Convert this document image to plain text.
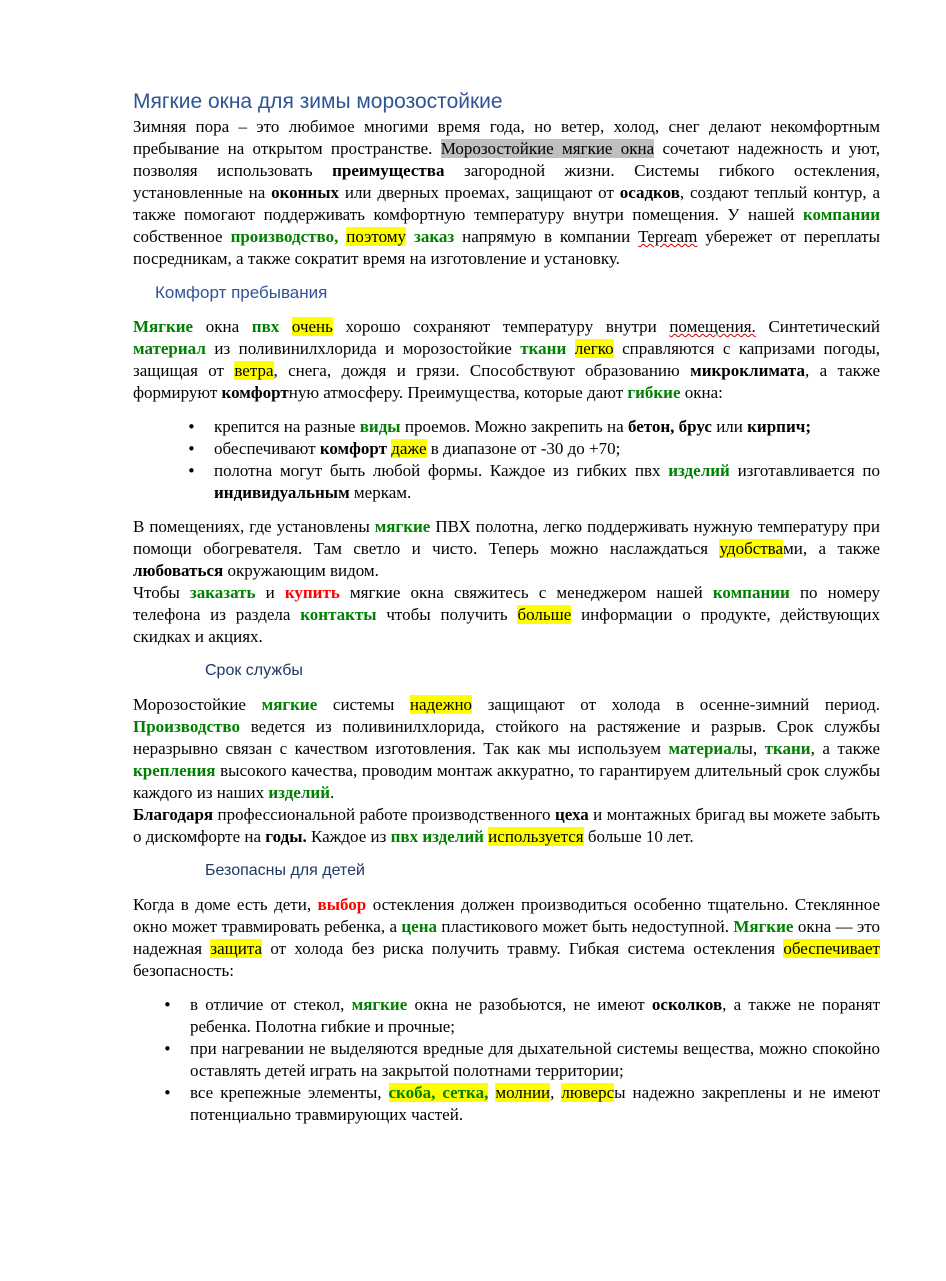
Мягкие окна для зимы морозостойкие

Зимняя пора – это любимое многими время года, но ветер, холод, снег делают некомфортным пребывание на открытом пространстве. Морозостойкие мягкие окна сочетают надежность и уют, позволяя использовать преимущества загородной жизни. Системы гибкого остекления, установленные на оконных или дверных проемах, защищают от осадков, создают теплый контур, а также помогают поддерживать комфортную температуру внутри помещения. У нашей компании собственное производство, поэтому заказ напрямую в компании Tepream убережет от переплаты посредникам, а также сократит время на изготовление и установку.

Комфорт пребывания

Мягкие окна пвх очень хорошо сохраняют температуру внутри помещения. Синтетический материал из поливинилхлорида и морозостойкие ткани легко справляются с капризами погоды, защищая от ветра, снега, дождя и грязи. Способствуют образованию микроклимата, а также формируют комфортную атмосферу. Преимущества, которые дают гибкие окна:

• крепится на разные виды проемов. Можно закрепить на бетон, брус или кирпич;
• обеспечивают комфорт даже в диапазоне от -30 до +70;
• полотна могут быть любой формы. Каждое из гибких пвх изделий изготавливается по индивидуальным меркам.

В помещениях, где установлены мягкие ПВХ полотна, легко поддерживать нужную температуру при помощи обогревателя. Там светло и чисто. Теперь можно наслаждаться удобствами, а также любоваться окружающим видом.

Чтобы заказать и купить мягкие окна свяжитесь с менеджером нашей компании по номеру телефона из раздела контакты чтобы получить больше информации о продукте, действующих скидках и акциях.

Срок службы

Морозостойкие мягкие системы надежно защищают от холода в осенне-зимний период. Производство ведется из поливинилхлорида, стойкого на растяжение и разрыв. Срок службы неразрывно связан с качеством изготовления. Так как мы используем материалы, ткани, а также крепления высокого качества, проводим монтаж аккуратно, то гарантируем длительный срок службы каждого из наших изделий.

Благодаря профессиональной работе производственного цеха и монтажных бригад вы можете забыть о дискомфорте на годы. Каждое из пвх изделий используется больше 10 лет.

Безопасны для детей

Когда в доме есть дети, выбор остекления должен производиться особенно тщательно. Стеклянное окно может травмировать ребенка, а цена пластикового может быть недоступной. Мягкие окна — это надежная защита от холода без риска получить травму. Гибкая система остекления обеспечивает безопасность:

• в отличие от стекол, мягкие окна не разобьются, не имеют осколков, а также не поранят ребенка. Полотна гибкие и прочные;
• при нагревании не выделяются вредные для дыхательной системы вещества, можно спокойно оставлять детей играть на закрытой полотнами территории;
• все крепежные элементы, скоба, сетка, молнии, люверсы надежно закреплены и не имеют потенциально травмирующих частей.
